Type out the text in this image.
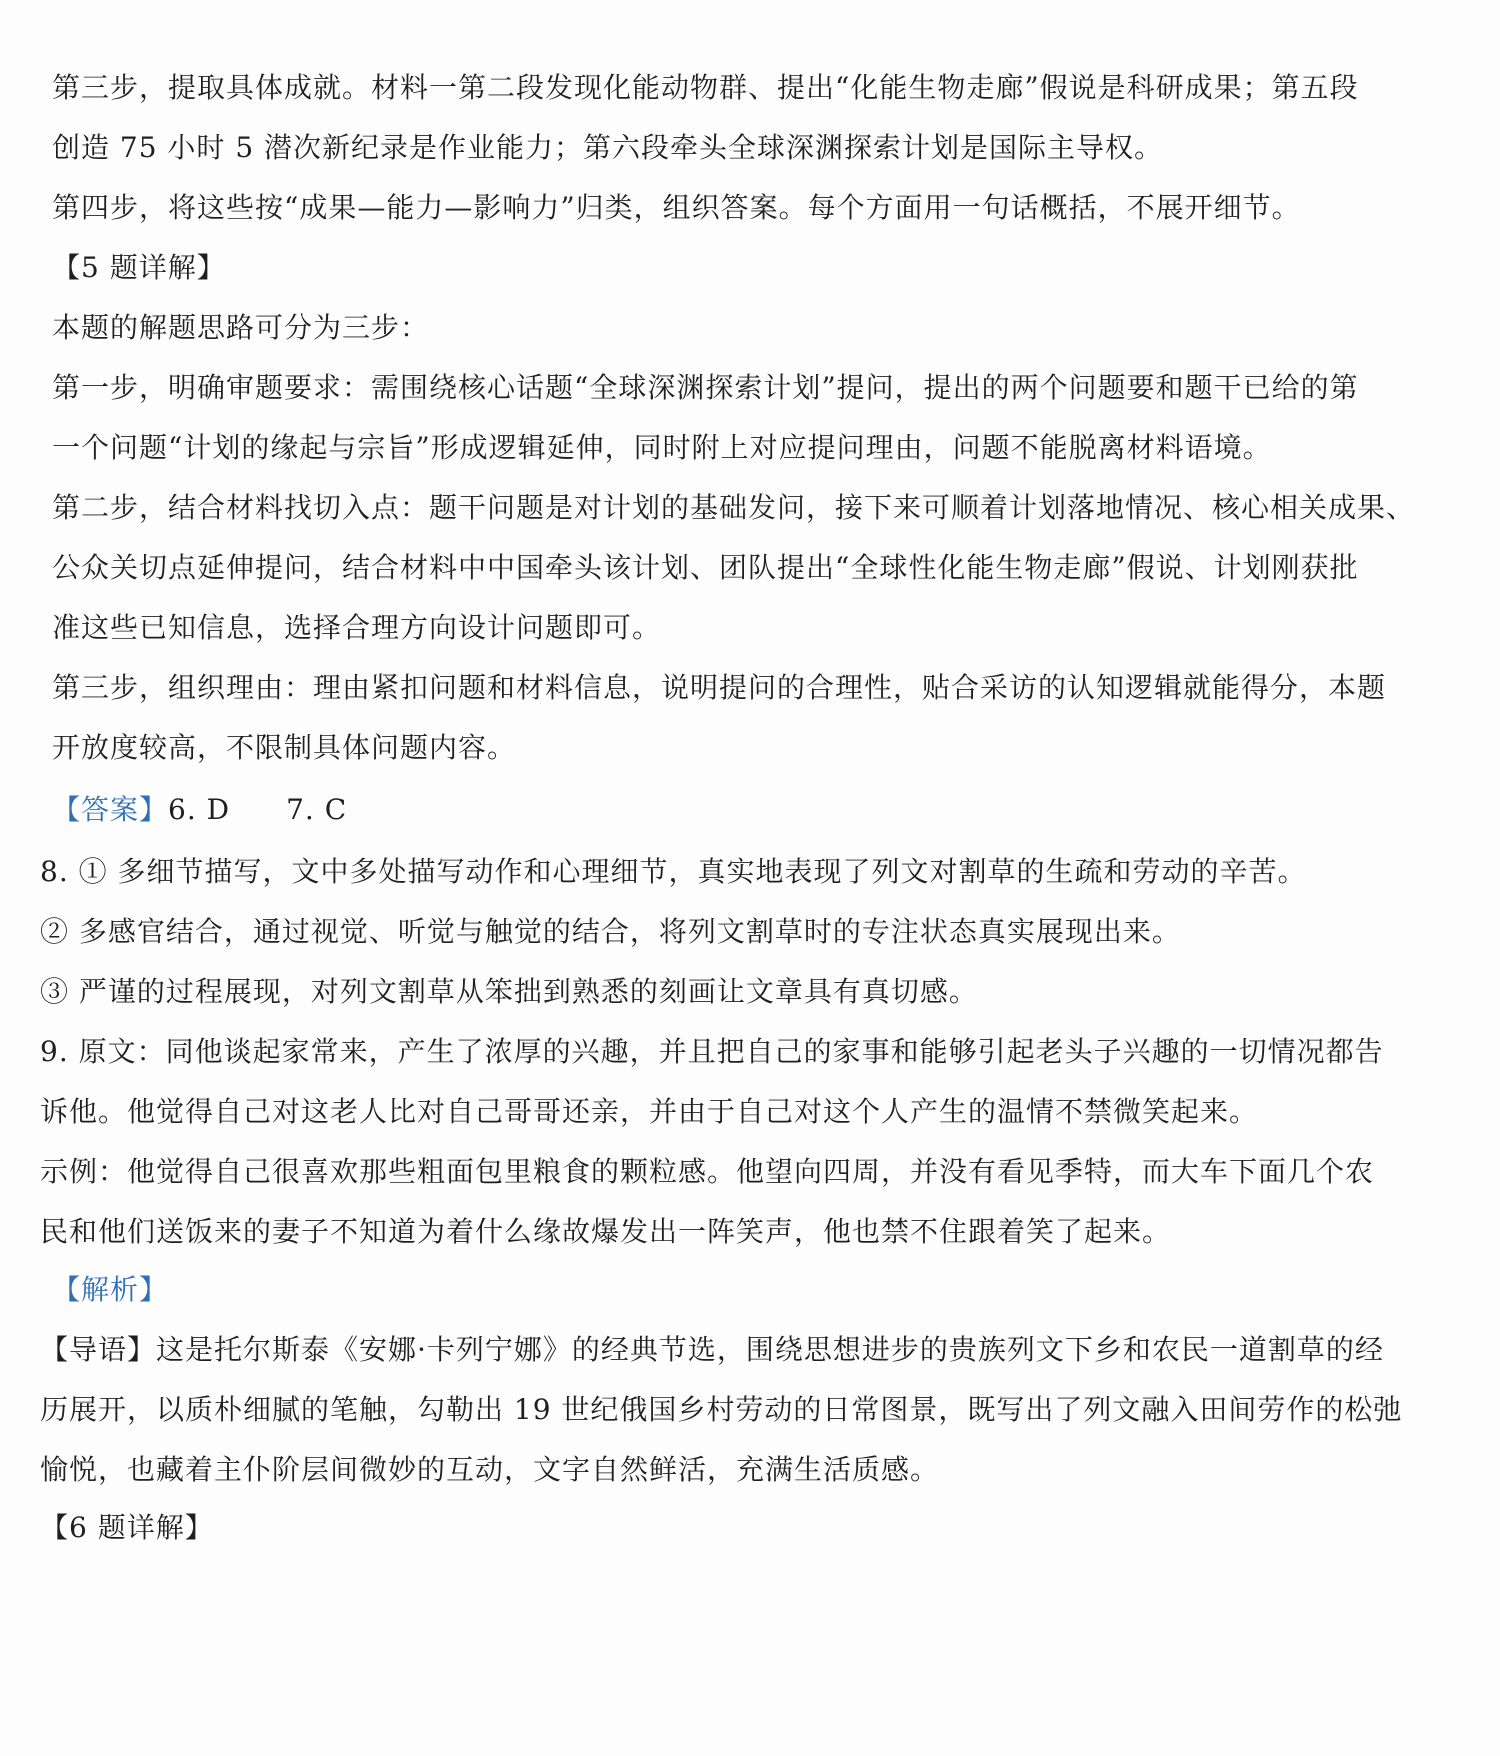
第三步，提取具体成就。材料一第二段发现化能动物群、提出“化能生物走廊”假说是科研成果；第五段
创造 75 小时 5 潜次新纪录是作业能力；第六段牵头全球深渊探索计划是国际主导权。
第四步，将这些按“成果—能力—影响力”归类，组织答案。每个方面用一句话概括，不展开细节。
【5 题详解】
本题的解题思路可分为三步：
第一步，明确审题要求：需围绕核心话题“全球深渊探索计划”提问，提出的两个问题要和题干已给的第
一个问题“计划的缘起与宗旨”形成逻辑延伸，同时附上对应提问理由，问题不能脱离材料语境。
第二步，结合材料找切入点：题干问题是对计划的基础发问，接下来可顺着计划落地情况、核心相关成果、
公众关切点延伸提问，结合材料中中国牵头该计划、团队提出“全球性化能生物走廊”假说、计划刚获批
准这些已知信息，选择合理方向设计问题即可。
第三步，组织理由：理由紧扣问题和材料信息，说明提问的合理性，贴合采访的认知逻辑就能得分，本题
开放度较高，不限制具体问题内容。
【答案】6. D 7. C
8. ① 多细节描写，文中多处描写动作和心理细节，真实地表现了列文对割草的生疏和劳动的辛苦。
② 多感官结合，通过视觉、听觉与触觉的结合，将列文割草时的专注状态真实展现出来。
③ 严谨的过程展现，对列文割草从笨拙到熟悉的刻画让文章具有真切感。
9. 原文：同他谈起家常来，产生了浓厚的兴趣，并且把自己的家事和能够引起老头子兴趣的一切情况都告
诉他。他觉得自己对这老人比对自己哥哥还亲，并由于自己对这个人产生的温情不禁微笑起来。
示例：他觉得自己很喜欢那些粗面包里粮食的颗粒感。他望向四周，并没有看见季特，而大车下面几个农
民和他们送饭来的妻子不知道为着什么缘故爆发出一阵笑声，他也禁不住跟着笑了起来。
【解析】
【导语】这是托尔斯泰《安娜·卡列宁娜》的经典节选，围绕思想进步的贵族列文下乡和农民一道割草的经
历展开，以质朴细腻的笔触，勾勒出 19 世纪俄国乡村劳动的日常图景，既写出了列文融入田间劳作的松弛
愉悦，也藏着主仆阶层间微妙的互动，文字自然鲜活，充满生活质感。
【6 题详解】
